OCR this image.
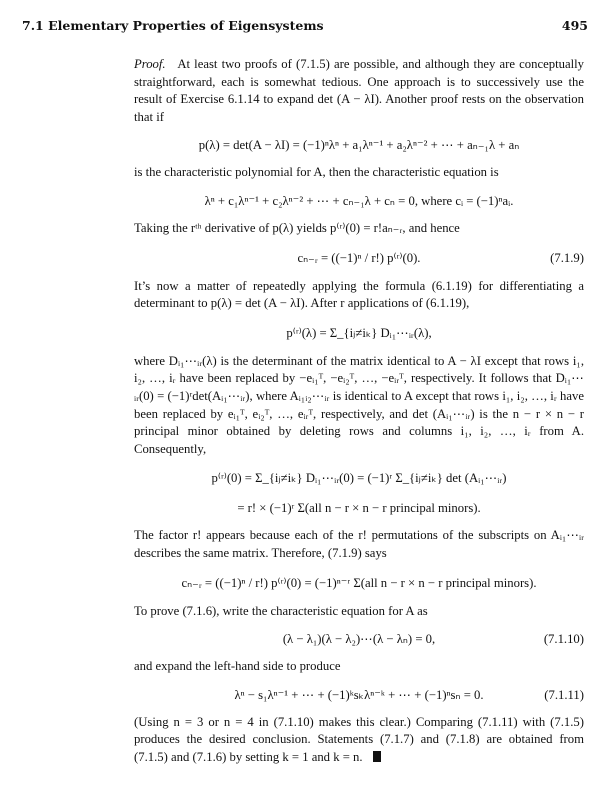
7.1 Elementary Properties of Eigensystems	495

Proof. At least two proofs of (7.1.5) are possible, and although they are conceptually straightforward, each is somewhat tedious. One approach is to successively use the result of Exercise 6.1.14 to expand det (A − λI). Another proof rests on the observation that if

p(λ) = det(A − λI) = (−1)ⁿλⁿ + a₁λⁿ⁻¹ + a₂λⁿ⁻² + ⋯ + aₙ₋₁λ + aₙ

is the characteristic polynomial for A, then the characteristic equation is

λⁿ + c₁λⁿ⁻¹ + c₂λⁿ⁻² + ⋯ + cₙ₋₁λ + cₙ = 0, where cᵢ = (−1)ⁿaᵢ.

Taking the rᵗʰ derivative of p(λ) yields p⁽ʳ⁾(0) = r!aₙ₋ᵣ, and hence

cₙ₋ᵣ = ((−1)ⁿ / r!) p⁽ʳ⁾(0).	(7.1.9)

It’s now a matter of repeatedly applying the formula (6.1.19) for differentiating a determinant to p(λ) = det (A − λI). After r applications of (6.1.19),

p⁽ʳ⁾(λ) = Σ_{iⱼ≠iₖ} Dᵢ₁⋯ᵢᵣ(λ),

where Dᵢ₁⋯ᵢᵣ(λ) is the determinant of the matrix identical to A − λI except that rows i₁, i₂, …, iᵣ have been replaced by −eᵢ₁ᵀ, −eᵢ₂ᵀ, …, −eᵢᵣᵀ, respectively. It follows that Dᵢ₁⋯ᵢᵣ(0) = (−1)ʳdet(Aᵢ₁⋯ᵢᵣ), where Aᵢ₁ᵢ₂⋯ᵢᵣ is identical to A except that rows i₁, i₂, …, iᵣ have been replaced by eᵢ₁ᵀ, eᵢ₂ᵀ, …, eᵢᵣᵀ, respectively, and det (Aᵢ₁⋯ᵢᵣ) is the n − r × n − r principal minor obtained by deleting rows and columns i₁, i₂, …, iᵣ from A. Consequently,

p⁽ʳ⁾(0) = Σ_{iⱼ≠iₖ} Dᵢ₁⋯ᵢᵣ(0) = (−1)ʳ Σ_{iⱼ≠iₖ} det (Aᵢ₁⋯ᵢᵣ)
= r! × (−1)ʳ Σ(all n − r × n − r principal minors).

The factor r! appears because each of the r! permutations of the subscripts on Aᵢ₁⋯ᵢᵣ describes the same matrix. Therefore, (7.1.9) says

cₙ₋ᵣ = ((−1)ⁿ / r!) p⁽ʳ⁾(0) = (−1)ⁿ⁻ʳ Σ(all n − r × n − r principal minors).

To prove (7.1.6), write the characteristic equation for A as

(λ − λ₁)(λ − λ₂)⋯(λ − λₙ) = 0,	(7.1.10)

and expand the left-hand side to produce

λⁿ − s₁λⁿ⁻¹ + ⋯ + (−1)ᵏsₖλⁿ⁻ᵏ + ⋯ + (−1)ⁿsₙ = 0.	(7.1.11)

(Using n = 3 or n = 4 in (7.1.10) makes this clear.) Comparing (7.1.11) with (7.1.5) produces the desired conclusion. Statements (7.1.7) and (7.1.8) are obtained from (7.1.5) and (7.1.6) by setting k = 1 and k = n.
